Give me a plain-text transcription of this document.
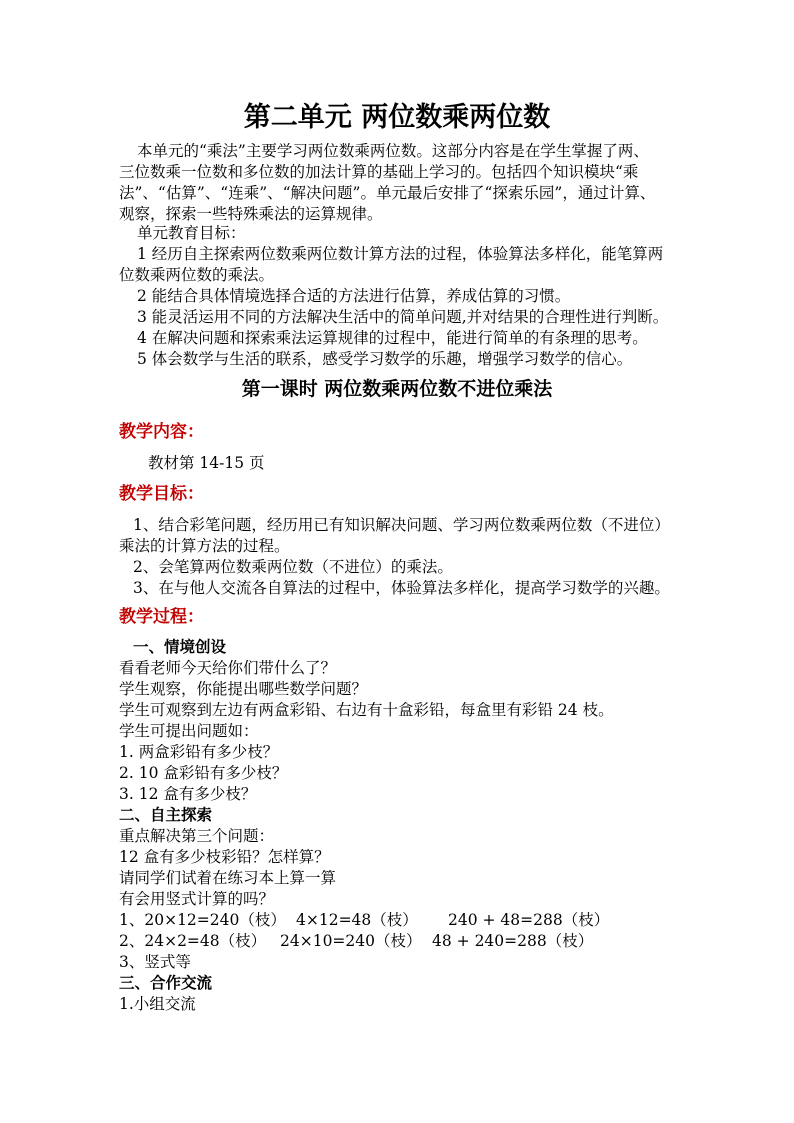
第二单元 两位数乘两位数
本单元的“乘法”主要学习两位数乘两位数。这部分内容是在学生掌握了两、
三位数乘一位数和多位数的加法计算的基础上学习的。包括四个知识模块“乘
法”、“估算”、“连乘”、“解决问题”。单元最后安排了“探索乐园”，通过计算、
观察，探索一些特殊乘法的运算规律。
单元教育目标：
1 经历自主探索两位数乘两位数计算方法的过程，体验算法多样化，能笔算两
位数乘两位数的乘法。
2 能结合具体情境选择合适的方法进行估算，养成估算的习惯。
3 能灵活运用不同的方法解决生活中的简单问题,并对结果的合理性进行判断。
4 在解决问题和探索乘法运算规律的过程中，能进行简单的有条理的思考。
5 体会数学与生活的联系，感受学习数学的乐趣，增强学习数学的信心。
第一课时 两位数乘两位数不进位乘法
教学内容：
教材第 14-15 页
教学目标：
1、结合彩笔问题，经历用已有知识解决问题、学习两位数乘两位数（不进位）
乘法的计算方法的过程。
2、会笔算两位数乘两位数（不进位）的乘法。
3、在与他人交流各自算法的过程中，体验算法多样化，提高学习数学的兴趣。
教学过程：
一、情境创设
看看老师今天给你们带什么了？
学生观察，你能提出哪些数学问题？
学生可观察到左边有两盒彩铅、右边有十盒彩铅，每盒里有彩铅 24 枝。
学生可提出问题如：
1. 两盒彩铅有多少枝？
2. 10 盒彩铅有多少枝？
3. 12 盒有多少枝？
二、自主探索
重点解决第三个问题：
12 盒有多少枝彩铅？怎样算？
请同学们试着在练习本上算一算
有会用竖式计算的吗？
1、20×12=240（枝） 4×12=48（枝） 240 + 48=288（枝）
2、24×2=48（枝） 24×10=240（枝） 48 + 240=288（枝）
3、竖式等
三、合作交流
1.小组交流
